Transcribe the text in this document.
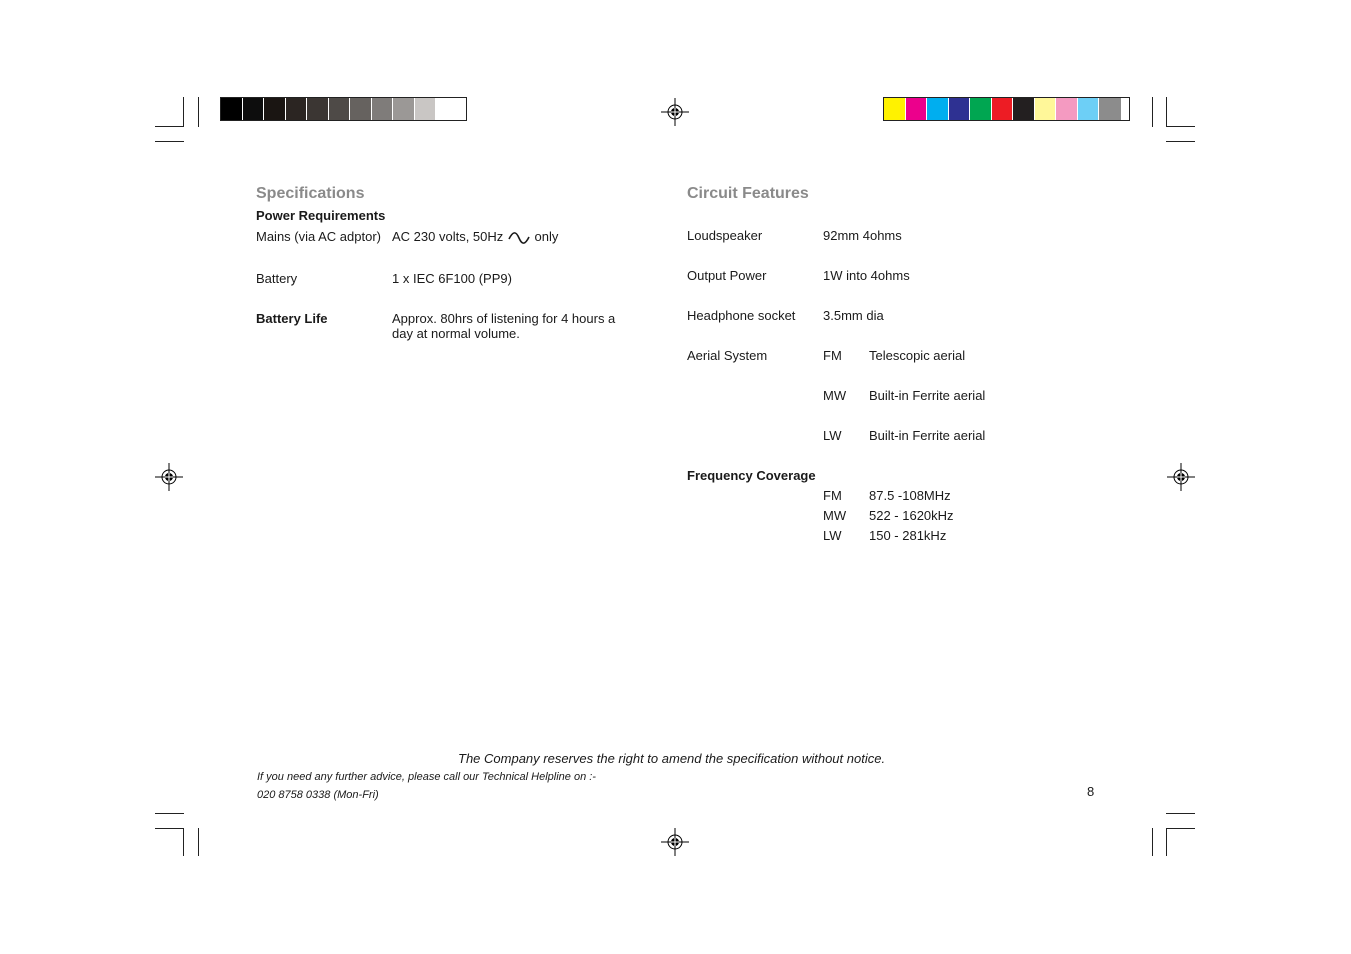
Specifications
Power Requirements
Mains (via AC adptor) AC 230 volts, 50Hz only
Battery	1 x IEC 6F100 (PP9)
Battery Life	Approx. 80hrs of listening for 4 hours a
day at normal volume.
Circuit Features
Loudspeaker	92mm 4ohms
Output Power	1W into 4ohms
Headphone socket 3.5mm dia
Aerial System	FM Telescopic aerial
MW Built-in Ferrite aerial
LW Built-in Ferrite aerial
Frequency Coverage
FM 87.5 -108MHz
MW 522 - 1620kHz
LW 150 - 281kHz
The Company reserves the right to amend the specification without notice.
If you need any further advice, please call our Technical Helpline on :-
020 8758 0338 (Mon-Fri)	8
